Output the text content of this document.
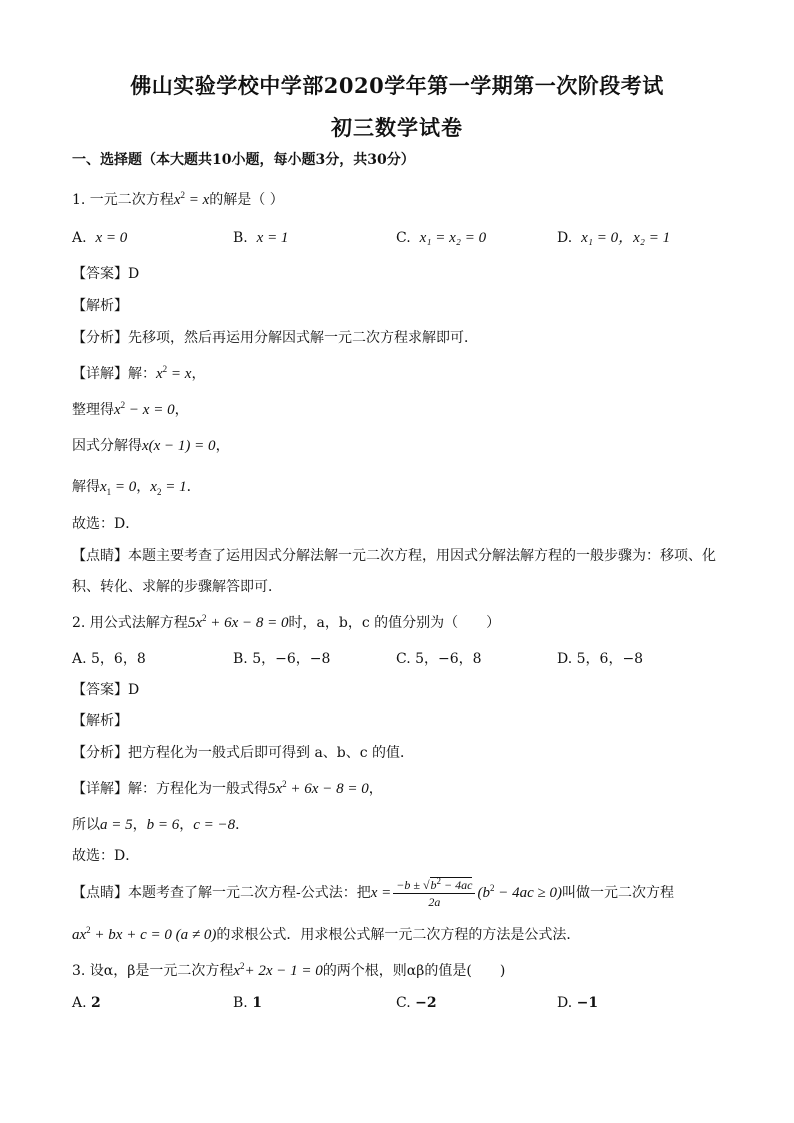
佛山实验学校中学部2020学年第一学期第一次阶段考试
初三数学试卷
一、选择题（本大题共10小题，每小题3分，共30分）
1. 一元二次方程$x^2 = x$的解是（ ）
A. x = 0	B. x = 1	C. x₁ = x₂ = 0	D. x₁ = 0，x₂ = 1
【答案】D
【解析】
【分析】先移项，然后再运用分解因式解一元二次方程求解即可．
【详解】解：$x^2 = x$，
整理得$x^2 - x = 0$，
因式分解得x(x − 1) = 0，
解得$x_1 = 0$，$x_2 = 1$．
故选：D．
【点睛】本题主要考查了运用因式分解法解一元二次方程，用因式分解法解方程的一般步骤为：移项、化
积、转化、求解的步骤解答即可．
2. 用公式法解方程$5x^2 + 6x - 8 = 0$时，a，b，c 的值分别为（　　）
A. 5，6，8	B. 5，−6，−8	C. 5，−6，8	D. 5，6，−8
【答案】D
【解析】
【分析】把方程化为一般式后即可得到 a、b、c 的值．
【详解】解：方程化为一般式得$5x^2 + 6x - 8 = 0$，
所以a = 5，b = 6，c = −8．
故选：D．
【点睛】本题考查了解一元二次方程-公式法：把$x = \frac{-b \pm √b^2 - 4ac}{2a} (b^2 - 4ac \ge 0)$叫做一元二次方程
$ax^2$ + bx + c = 0 (a ≠ 0)的求根公式．用求根公式解一元二次方程的方法是公式法．
3. 设α，β是一元二次方程$x^2+ 2x - 1 = 0$的两个根，则αβ的值是(　　)
A. 2	B. 1	C. −2	D. −1
